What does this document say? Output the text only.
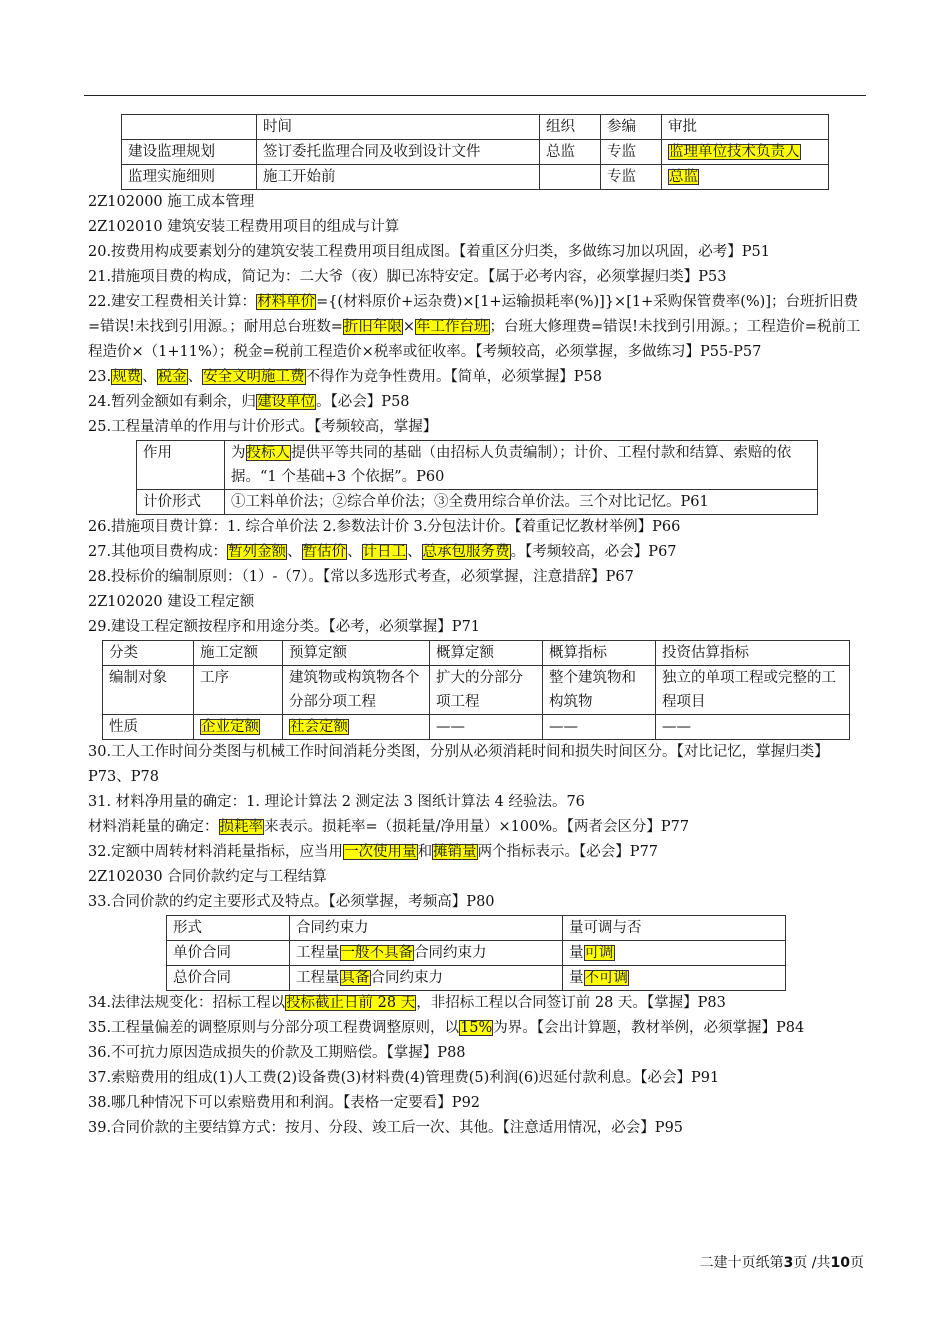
	时间	组织	参编	审批
建设监理规划	签订委托监理合同及收到设计文件	总监	专监	监理单位技术负责人
监理实施细则	施工开始前		专监	总监
2Z102000 施工成本管理
2Z102010 建筑安装工程费用项目的组成与计算
20.按费用构成要素划分的建筑安装工程费用项目组成图。【着重区分归类，多做练习加以巩固，必考】P51
21.措施项目费的构成，简记为：二大爷（夜）脚已冻特安定。【属于必考内容，必须掌握归类】P53
22.建安工程费相关计算：材料单价={(材料原价+运杂费)×[1+运输损耗率(%)]}×[1+采购保管费率(%)]；台班折旧费=错误!未找到引用源。；耐用总台班数=折旧年限×年工作台班；台班大修理费=错误!未找到引用源。；工程造价=税前工程造价×（1+11%）；税金=税前工程造价×税率或征收率。【考频较高，必须掌握，多做练习】P55-P57
23.规费、税金、安全文明施工费不得作为竞争性费用。【简单，必须掌握】P58
24.暂列金额如有剩余，归建设单位。【必会】P58
25.工程量清单的作用与计价形式。【考频较高，掌握】
作用	为投标人提供平等共同的基础（由招标人负责编制）；计价、工程付款和结算、索赔的依据。“1 个基础+3 个依据”。P60
计价形式	①工料单价法；②综合单价法；③全费用综合单价法。三个对比记忆。P61
26.措施项目费计算：1. 综合单价法 2.参数法计价 3.分包法计价。【着重记忆教材举例】P66
27.其他项目费构成：暂列金额、暂估价、计日工、总承包服务费。【考频较高，必会】P67
28.投标价的编制原则：（1）-（7）。【常以多选形式考查，必须掌握，注意措辞】P67
2Z102020 建设工程定额
29.建设工程定额按程序和用途分类。【必考，必须掌握】P71
分类	施工定额	预算定额	概算定额	概算指标	投资估算指标
编制对象	工序	建筑物或构筑物各个分部分项工程	扩大的分部分项工程	整个建筑物和构筑物	独立的单项工程或完整的工程项目
性质	企业定额	社会定额	——	——	——
30.工人工作时间分类图与机械工作时间消耗分类图，分别从必须消耗时间和损失时间区分。【对比记忆，掌握归类】P73、P78
31. 材料净用量的确定：1. 理论计算法 2 测定法 3 图纸计算法 4 经验法。76
材料消耗量的确定：损耗率来表示。损耗率=（损耗量/净用量）×100%。【两者会区分】P77
32.定额中周转材料消耗量指标，应当用一次使用量和摊销量两个指标表示。【必会】P77
2Z102030 合同价款约定与工程结算
33.合同价款的约定主要形式及特点。【必须掌握，考频高】P80
形式	合同约束力	量可调与否
单价合同	工程量一般不具备合同约束力	量可调
总价合同	工程量具备合同约束力	量不可调
34.法律法规变化：招标工程以投标截止日前 28 天，非招标工程以合同签订前 28 天。【掌握】P83
35.工程量偏差的调整原则与分部分项工程费调整原则，以15%为界。【会出计算题，教材举例，必须掌握】P84
36.不可抗力原因造成损失的价款及工期赔偿。【掌握】P88
37.索赔费用的组成(1)人工费(2)设备费(3)材料费(4)管理费(5)利润(6)迟延付款利息。【必会】P91
38.哪几种情况下可以索赔费用和利润。【表格一定要看】P92
39.合同价款的主要结算方式：按月、分段、竣工后一次、其他。【注意适用情况，必会】P95
二建十页纸第3页 /共10页
